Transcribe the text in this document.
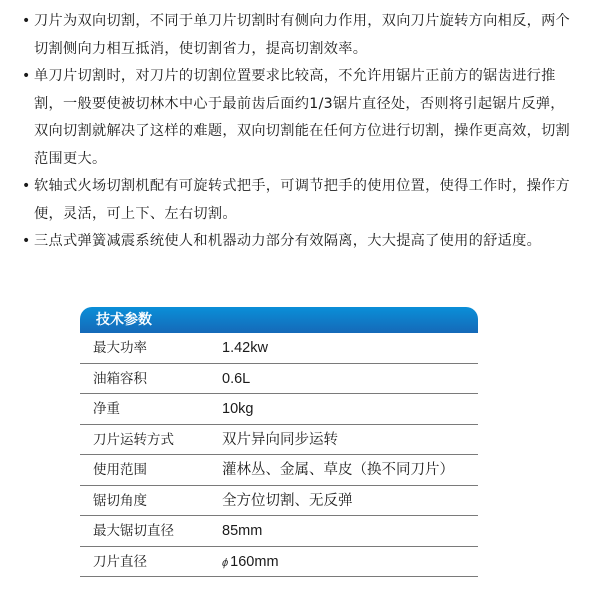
• 刀片为双向切割，不同于单刀片切割时有侧向力作用，双向刀片旋转方向相反，两个切割侧向力相互抵消，使切割省力，提高切割效率。
• 单刀片切割时，对刀片的切割位置要求比较高，不允许用锯片正前方的锯齿进行推割，一般要使被切林木中心于最前齿后面约1/3锯片直径处，否则将引起锯片反弹，双向切割就解决了这样的难题，双向切割能在任何方位进行切割，操作更高效，切割范围更大。
• 软轴式火场切割机配有可旋转式把手，可调节把手的使用位置，使得工作时，操作方便，灵活，可上下、左右切割。
• 三点式弹簧减震系统使人和机器动力部分有效隔离，大大提高了使用的舒适度。
技术参数
最大功率	1.42kw
油箱容积	0.6L
净重	10kg
刀片运转方式	双片异向同步运转
使用范围	灌林丛、金属、草皮（换不同刀片）
锯切角度	全方位切割、无反弹
最大锯切直径	85mm
刀片直径	ϕ160mm
